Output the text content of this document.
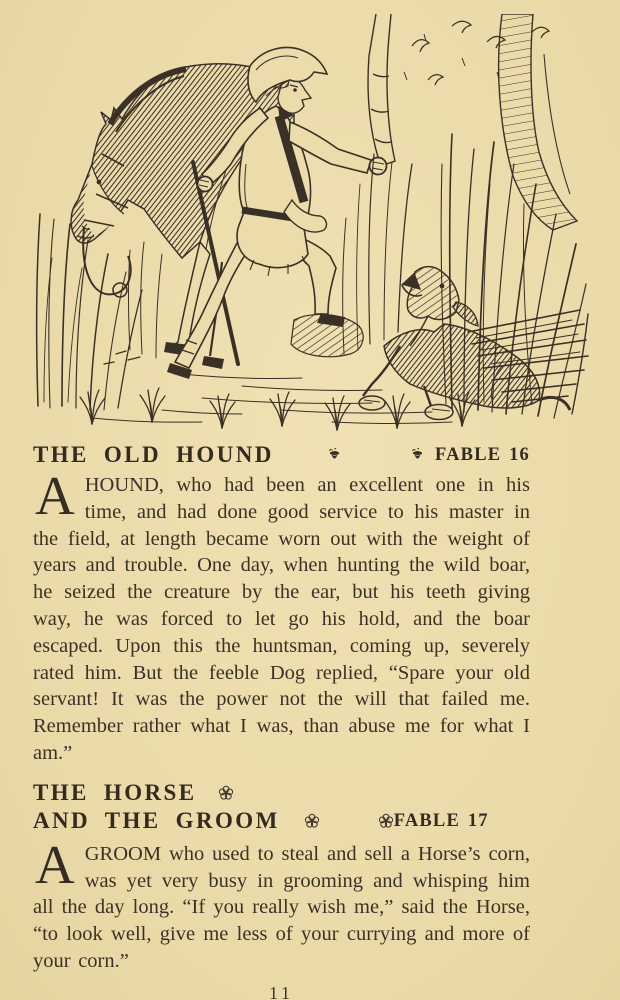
THE OLD HOUND	FABLE 16

AHOUND, who had been an excellent one in his time, and had done good service to his master in the field, at length became worn out with the weight of years and trouble. One day, when hunting the wild boar, he seized the creature by the ear, but his teeth giving way, he was forced to let go his hold, and the boar escaped. Upon this the huntsman, coming up, severely rated him. But the feeble Dog replied, “Spare your old servant! It was the power not the will that failed me. Remember rather what I was, than abuse me for what I am.”

THE HORSE
AND THE GROOM	FABLE 17

AGROOM who used to steal and sell a Horse’s corn, was yet very busy in grooming and whisping him all the day long. “If you really wish me,” said the Horse, “to look well, give me less of your currying and more of your corn.”

11
